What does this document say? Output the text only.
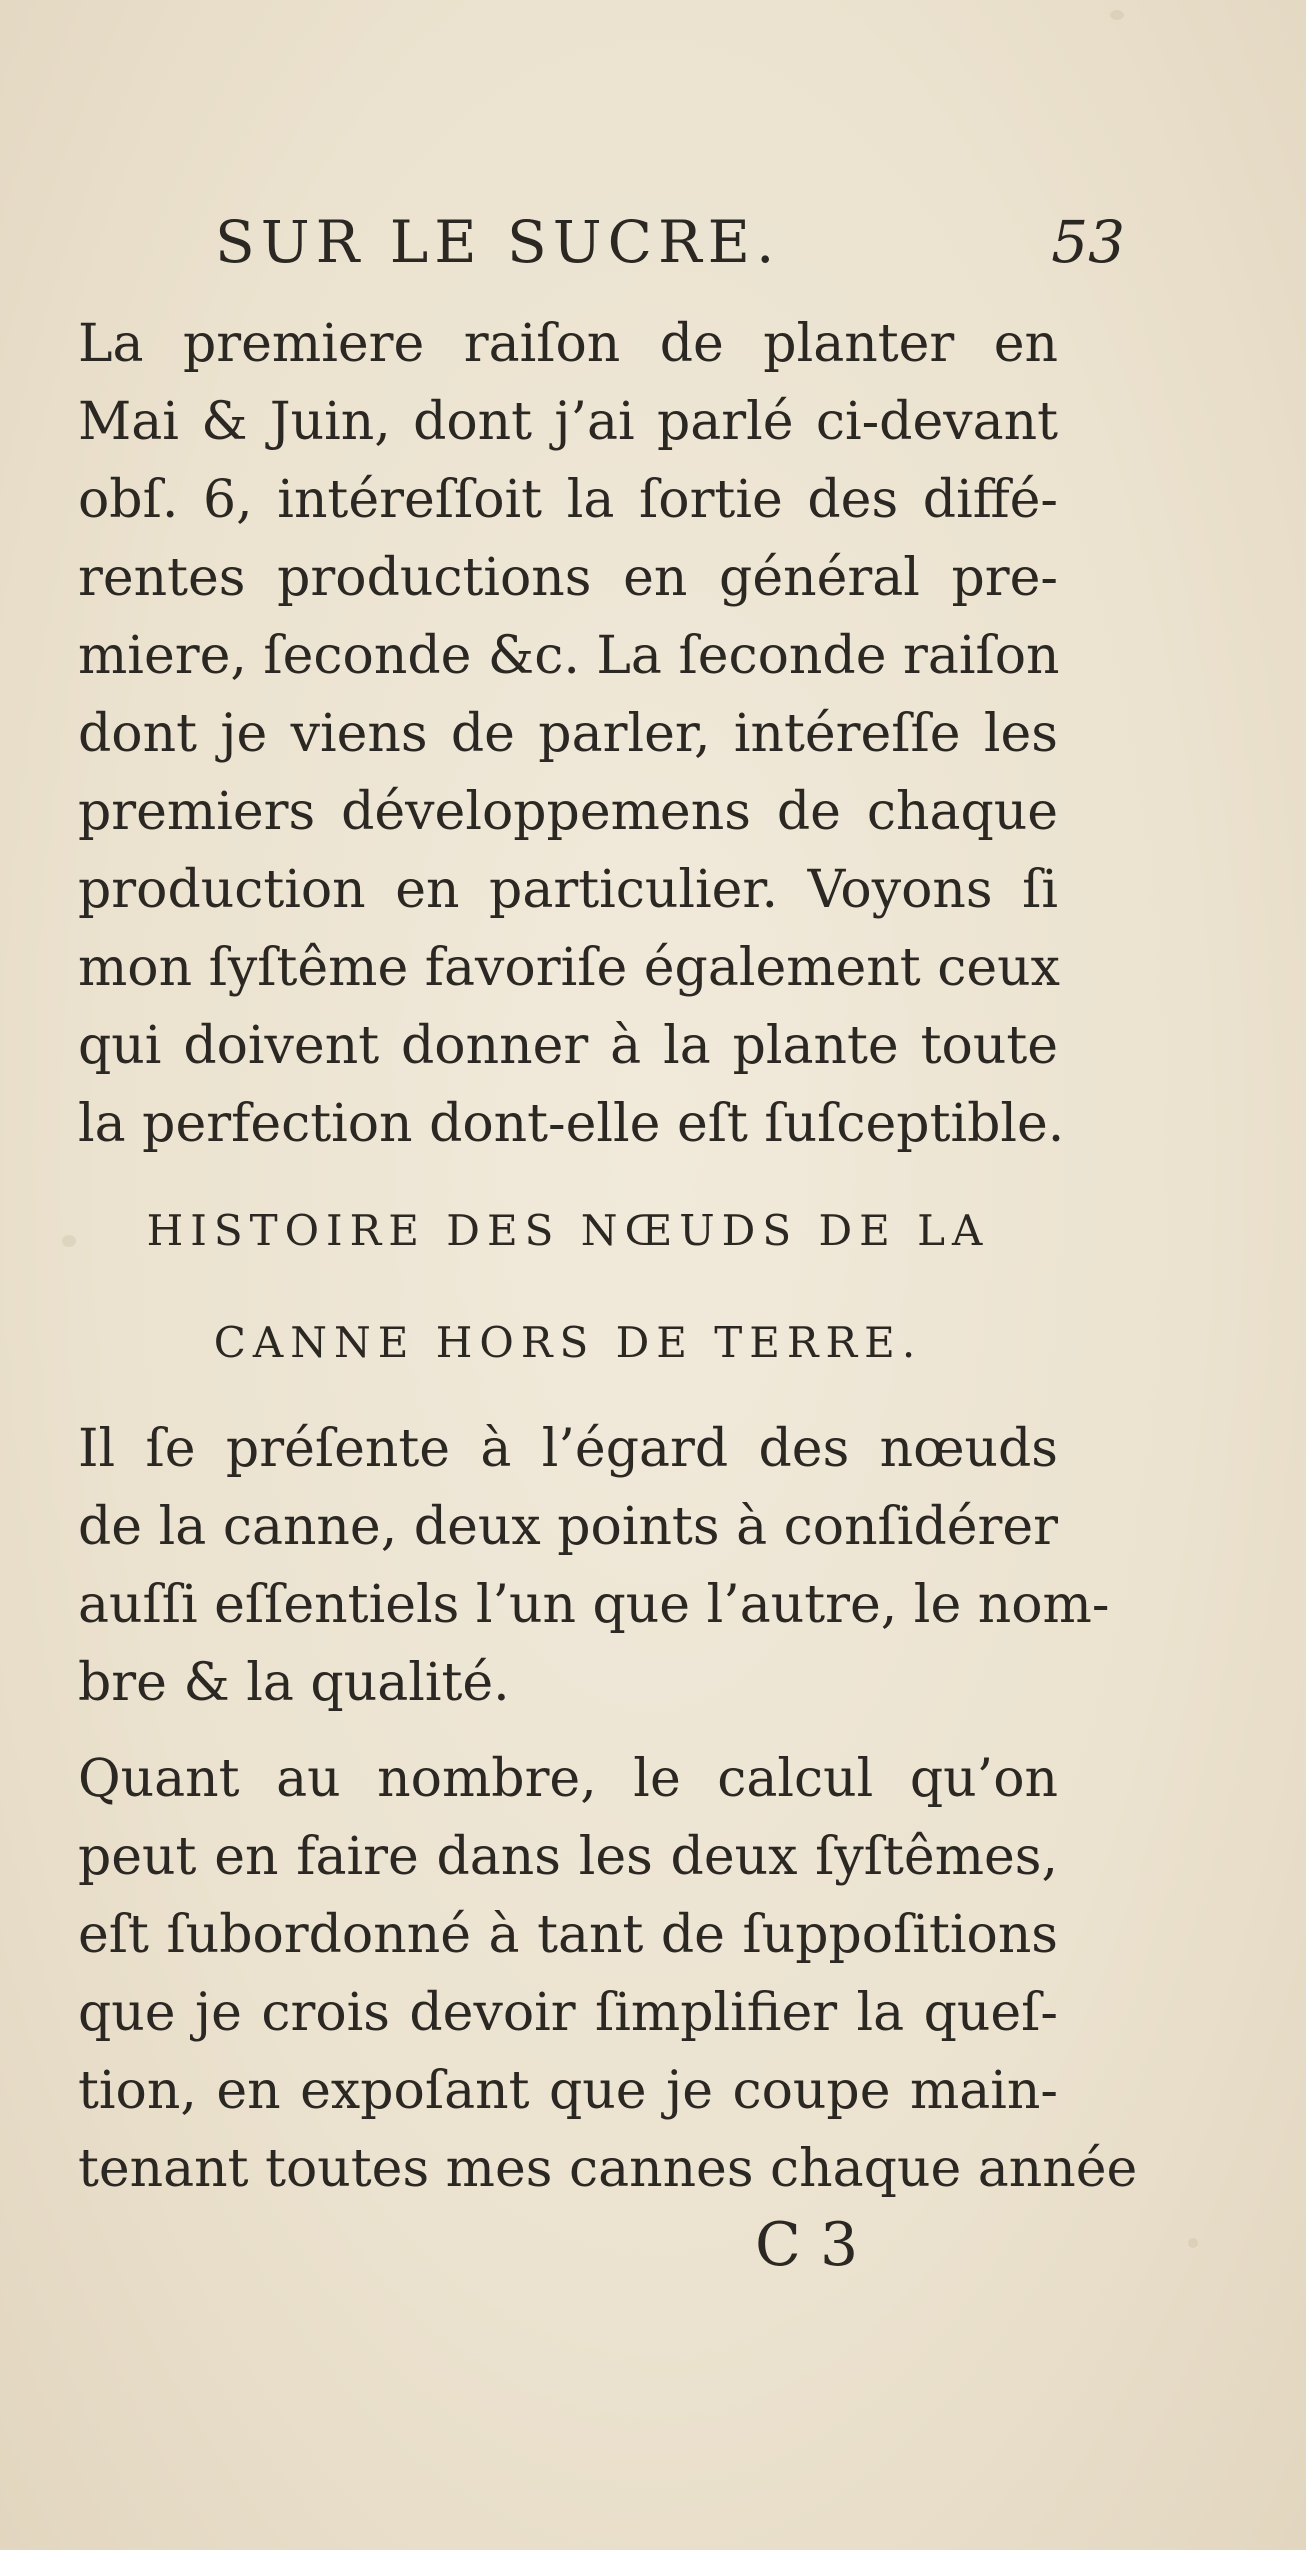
SUR LE SUCRE.	53
La premiere raiſon de planter en
Mai & Juin, dont j’ai parlé ci-devant
obſ. 6, intéreſſoit la ſortie des diffé-
rentes productions en général pre-
miere, ſeconde &c. La ſeconde raiſon
dont je viens de parler, intéreſſe les
premiers développemens de chaque
production en particulier. Voyons ſi
mon ſyſtême favoriſe également ceux
qui doivent donner à la plante toute
la perfection dont-elle eſt ſuſceptible.
HISTOIRE DES NŒUDS DE LA
CANNE HORS DE TERRE.
Il ſe préſente à l’égard des nœuds
de la canne, deux points à conſidérer
auſſi eſſentiels l’un que l’autre, le nom-
bre & la qualité.
Quant au nombre, le calcul qu’on
peut en faire dans les deux ſyſtêmes,
eſt ſubordonné à tant de ſuppoſitions
que je crois devoir ſimplifier la queſ-
tion, en expoſant que je coupe main-
tenant toutes mes cannes chaque année
C 3
